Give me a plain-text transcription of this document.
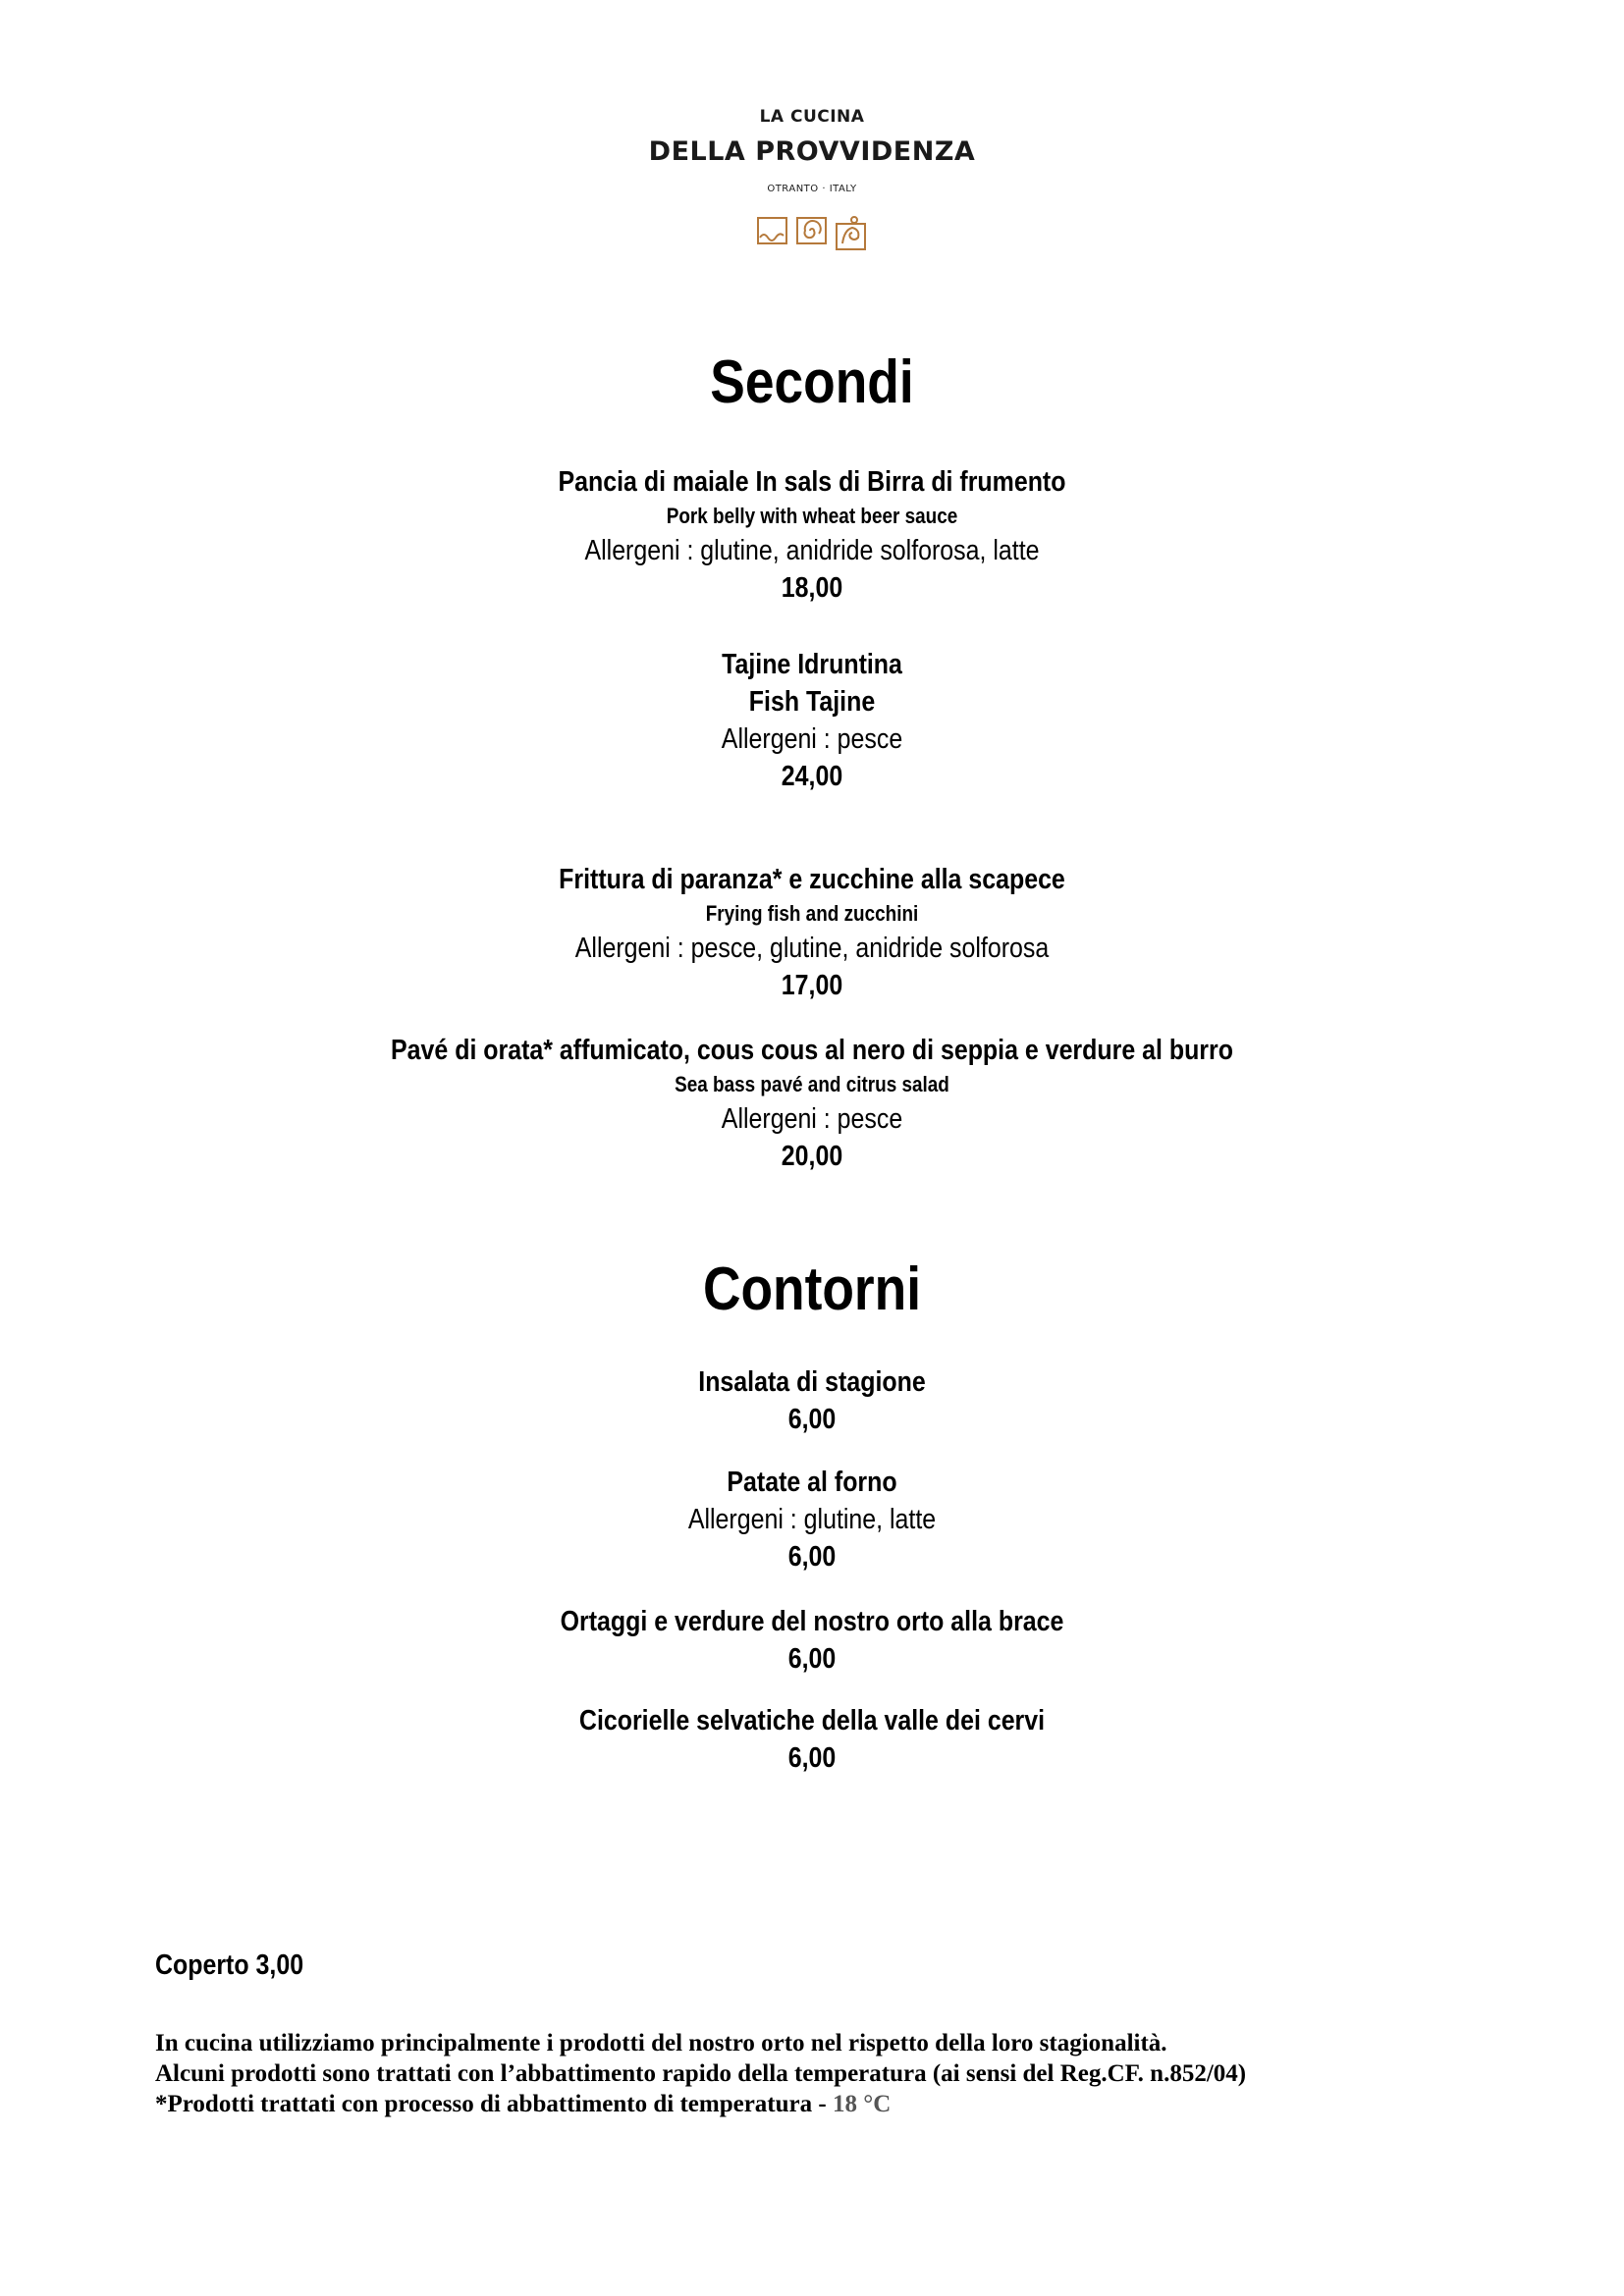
LA CUCINA
DELLA PROVVIDENZA
OTRANTO · ITALY
Secondi
Pancia di maiale In sals di Birra di frumento
Pork belly with wheat beer sauce
Allergeni : glutine, anidride solforosa, latte
18,00
Tajine Idruntina
Fish Tajine
Allergeni : pesce
24,00
Frittura di paranza* e zucchine alla scapece
Frying fish and zucchini
Allergeni : pesce, glutine, anidride solforosa
17,00
Pavé di orata* affumicato, cous cous al nero di seppia e verdure al burro
Sea bass pavé and citrus salad
Allergeni : pesce
20,00
Contorni
Insalata di stagione
6,00
Patate al forno
Allergeni : glutine, latte
6,00
Ortaggi e verdure del nostro orto alla brace
6,00
Cicorielle selvatiche della valle dei cervi
6,00
Coperto 3,00
In cucina utilizziamo principalmente i prodotti del nostro orto nel rispetto della loro stagionalità.
Alcuni prodotti sono trattati con l’abbattimento rapido della temperatura (ai sensi del Reg.CF. n.852/04)
*Prodotti trattati con processo di abbattimento di temperatura - 18 °C
